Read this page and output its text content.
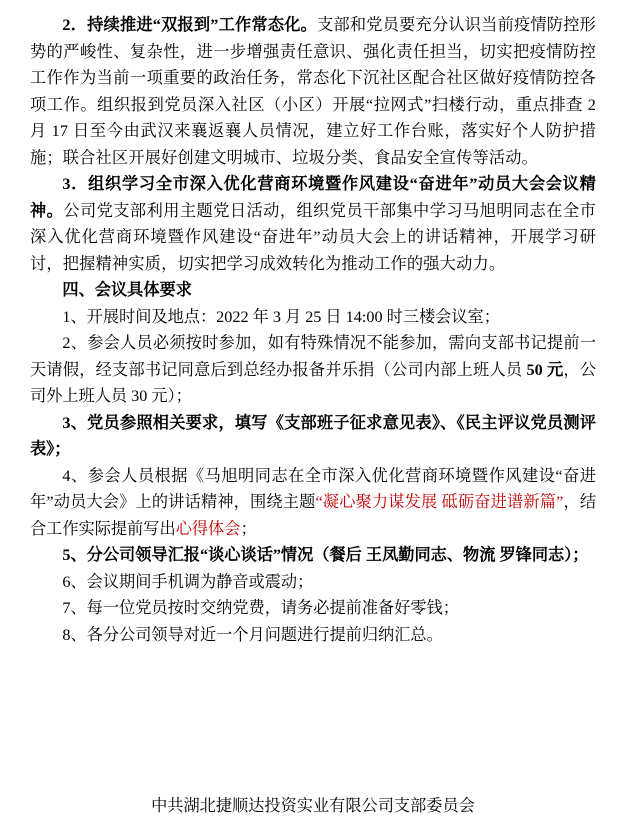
2．持续推进“双报到”工作常态化。支部和党员要充分认识当前疫情防控形势的严峻性、复杂性，进一步增强责任意识、强化责任担当，切实把疫情防控工作作为当前一项重要的政治任务，常态化下沉社区配合社区做好疫情防控各项工作。组织报到党员深入社区（小区）开展“拉网式”扫楼行动，重点排查 2 月 17 日至今由武汉来襄返襄人员情况，建立好工作台账，落实好个人防护措施；联合社区开展好创建文明城市、垃圾分类、食品安全宣传等活动。

3．组织学习全市深入优化营商环境暨作风建设“奋进年”动员大会会议精神。公司党支部利用主题党日活动，组织党员干部集中学习马旭明同志在全市深入优化营商环境暨作风建设“奋进年”动员大会上的讲话精神，开展学习研讨，把握精神实质，切实把学习成效转化为推动工作的强大动力。

四、会议具体要求

1、开展时间及地点：2022 年 3 月 25 日 14:00 时三楼会议室；

2、参会人员必须按时参加，如有特殊情况不能参加，需向支部书记提前一天请假，经支部书记同意后到总经办报备并乐捐（公司内部上班人员 50 元，公司外上班人员 30 元）；

3、党员参照相关要求，填写《支部班子征求意见表》、《民主评议党员测评表》；

4、参会人员根据《马旭明同志在全市深入优化营商环境暨作风建设“奋进年”动员大会》上的讲话精神，围绕主题“凝心聚力谋发展 砥砺奋进谱新篇”，结合工作实际提前写出心得体会；

5、分公司领导汇报“谈心谈话”情况（餐后 王凤勤同志、物流 罗锋同志）；

6、会议期间手机调为静音或震动；

7、每一位党员按时交纳党费，请务必提前准备好零钱；

8、各分公司领导对近一个月问题进行提前归纳汇总。

中共湖北捷顺达投资实业有限公司支部委员会
